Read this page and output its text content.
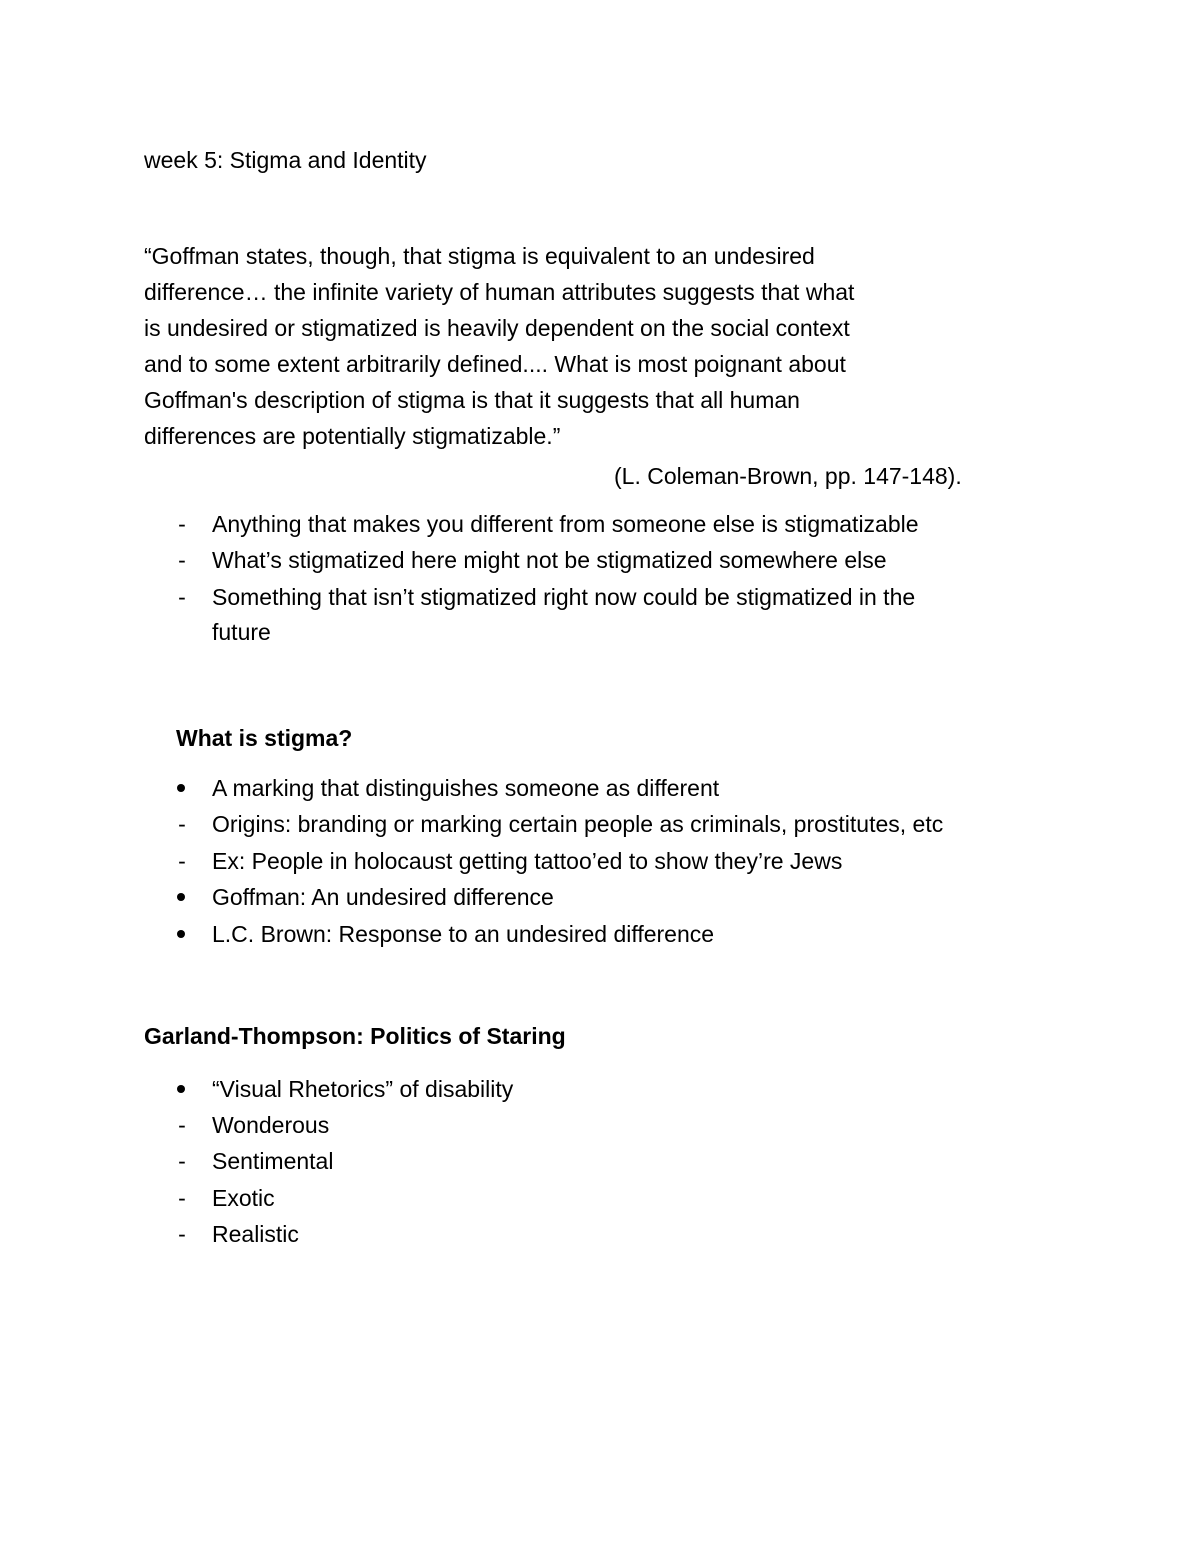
week 5: Stigma and Identity
“Goffman states, though, that stigma is equivalent to an undesired
difference… the infinite variety of human attributes suggests that what
is undesired or stigmatized is heavily dependent on the social context
and to some extent arbitrarily defined.... What is most poignant about
Goffman's description of stigma is that it suggests that all human
differences are potentially stigmatizable.”
(L. Coleman-Brown, pp. 147-148).
- Anything that makes you different from someone else is stigmatizable
- What’s stigmatized here might not be stigmatized somewhere else
- Something that isn’t stigmatized right now could be stigmatized in the
future
What is stigma?
A marking that distinguishes someone as different
- Origins: branding or marking certain people as criminals, prostitutes, etc
- Ex: People in holocaust getting tattoo’ed to show they’re Jews
Goffman: An undesired difference
L.C. Brown: Response to an undesired difference
Garland-Thompson: Politics of Staring
“Visual Rhetorics” of disability
- Wonderous
- Sentimental
- Exotic
- Realistic
